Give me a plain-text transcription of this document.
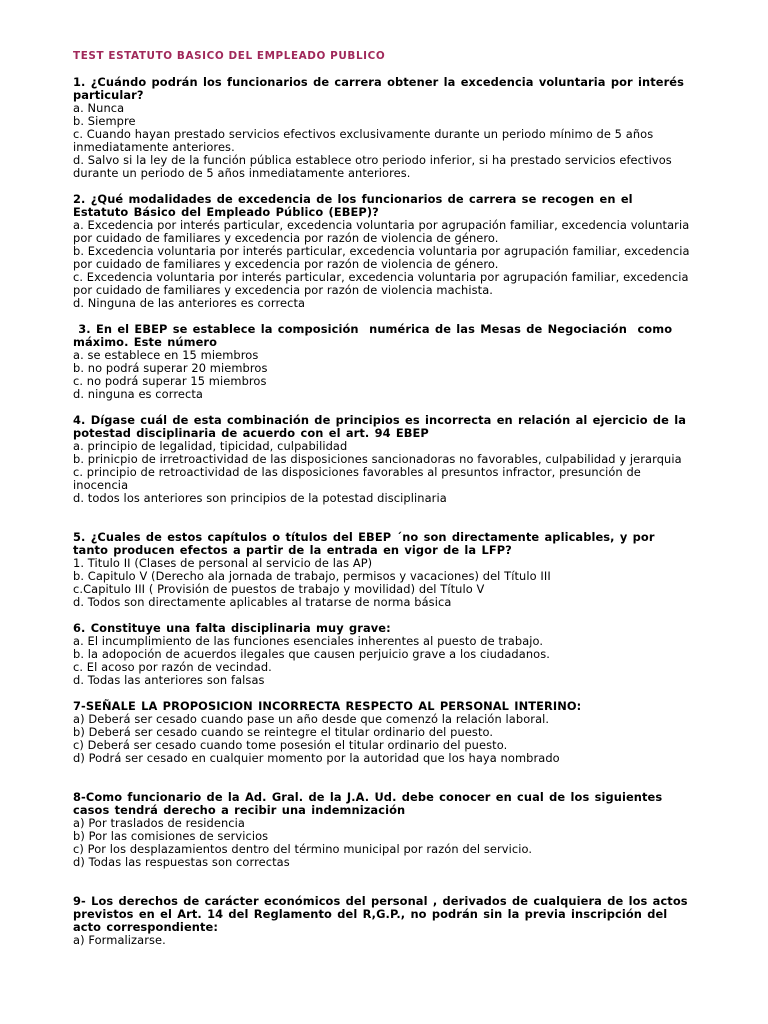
TEST ESTATUTO BASICO DEL EMPLEADO PUBLICO
1. ¿Cuándo podrán los funcionarios de carrera obtener la excedencia voluntaria por interés particular?
a. Nunca
b. Siempre
c. Cuando hayan prestado servicios efectivos exclusivamente durante un periodo mínimo de 5 años inmediatamente anteriores.
d. Salvo si la ley de la función pública establece otro periodo inferior, si ha prestado servicios efectivos durante un periodo de 5 años inmediatamente anteriores.
2. ¿Qué modalidades de excedencia de los funcionarios de carrera se recogen en el Estatuto Básico del Empleado Público (EBEP)?
a. Excedencia por interés particular, excedencia voluntaria por agrupación familiar, excedencia voluntaria por cuidado de familiares y excedencia por razón de violencia de género.
b. Excedencia voluntaria por interés particular, excedencia voluntaria por agrupación familiar, excedencia por cuidado de familiares y excedencia por razón de violencia de género.
c. Excedencia voluntaria por interés particular, excedencia voluntaria por agrupación familiar, excedencia por cuidado de familiares y excedencia por razón de violencia machista.
d. Ninguna de las anteriores es correcta
3. En el EBEP se establece la composición  numérica de las Mesas de Negociación  como máximo. Este número
a. se establece en 15 miembros
b. no podrá superar 20 miembros
c. no podrá superar 15 miembros
d. ninguna es correcta
4. Dígase cuál de esta combinación de principios es incorrecta en relación al ejercicio de la potestad disciplinaria de acuerdo con el art. 94 EBEP
a. principio de legalidad, tipicidad, culpabilidad
b. prinicpio de irretroactividad de las disposiciones sancionadoras no favorables, culpabilidad y jerarquia
c. principio de retroactividad de las disposiciones favorables al presuntos infractor, presunción de inocencia
d. todos los anteriores son principios de la potestad disciplinaria
5. ¿Cuales de estos capítulos o títulos del EBEP ´no son directamente aplicables, y por tanto producen efectos a partir de la entrada en vigor de la LFP?
1. Titulo II (Clases de personal al servicio de las AP)
b. Capitulo V (Derecho ala jornada de trabajo, permisos y vacaciones) del Título III
c.Capitulo III ( Provisión de puestos de trabajo y movilidad) del Título V
d. Todos son directamente aplicables al tratarse de norma básica
6. Constituye una falta disciplinaria muy grave:
a. El incumplimiento de las funciones esenciales inherentes al puesto de trabajo.
b. la adopoción de acuerdos ilegales que causen perjuicio grave a los ciudadanos.
c. El acoso por razón de vecindad.
d. Todas las anteriores son falsas
7-SEÑALE LA PROPOSICION INCORRECTA RESPECTO AL PERSONAL INTERINO:
a) Deberá ser cesado cuando pase un año desde que comenzó la relación laboral.
b) Deberá ser cesado cuando se reintegre el titular ordinario del puesto.
c) Deberá ser cesado cuando tome posesión el titular ordinario del puesto.
d) Podrá ser cesado en cualquier momento por la autoridad que los haya nombrado
8-Como funcionario de la Ad. Gral. de la J.A. Ud. debe conocer en cual de los siguientes casos tendrá derecho a recibir una indemnización
a) Por traslados de residencia
b) Por las comisiones de servicios
c) Por los desplazamientos dentro del término municipal por razón del servicio.
d) Todas las respuestas son correctas
9- Los derechos de carácter económicos del personal , derivados de cualquiera de los actos previstos en el Art. 14 del Reglamento del R,G.P., no podrán sin la previa inscripción del acto correspondiente:
a) Formalizarse.
